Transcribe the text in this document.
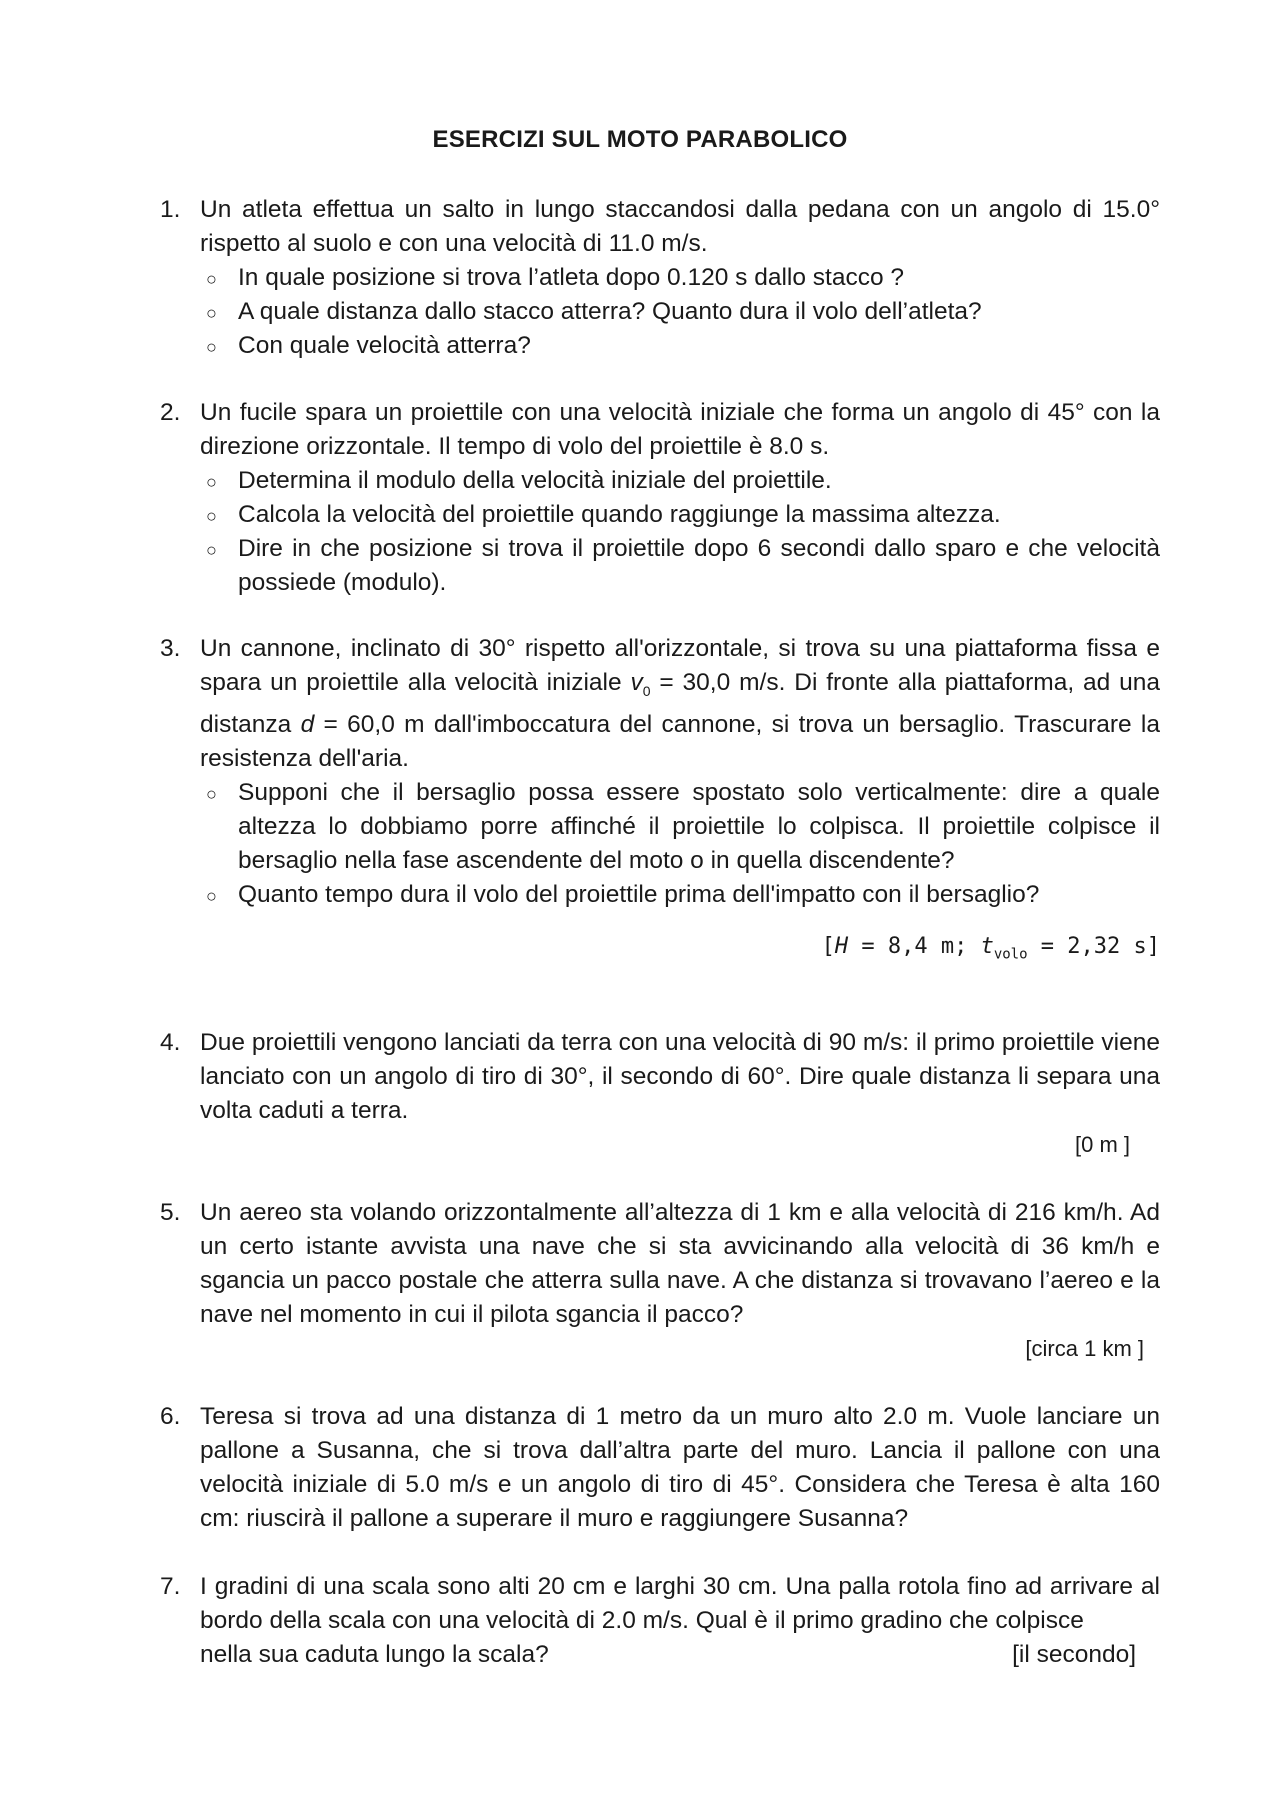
ESERCIZI SUL MOTO PARABOLICO
1. Un atleta effettua un salto in lungo staccandosi dalla pedana con un angolo di 15.0° rispetto al suolo e con una velocità di 11.0 m/s.
○ In quale posizione si trova l’atleta dopo 0.120 s dallo stacco ?
○ A quale distanza dallo stacco atterra? Quanto dura il volo dell’atleta?
○ Con quale velocità atterra?
2. Un fucile spara un proiettile con una velocità iniziale che forma un angolo di 45° con la direzione orizzontale. Il tempo di volo del proiettile è 8.0 s.
○ Determina il modulo della velocità iniziale del proiettile.
○ Calcola la velocità del proiettile quando raggiunge la massima altezza.
○ Dire in che posizione si trova il proiettile dopo 6 secondi dallo sparo e che velocità possiede (modulo).
3. Un cannone, inclinato di 30° rispetto all'orizzontale, si trova su una piattaforma fissa e spara un proiettile alla velocità iniziale $v_0 = 30,0$ m/s. Di fronte alla piattaforma, ad una distanza d = 60,0 m dall'imboccatura del cannone, si trova un bersaglio. Trascurare la resistenza dell'aria.
○ Supponi che il bersaglio possa essere spostato solo verticalmente: dire a quale altezza lo dobbiamo porre affinché il proiettile lo colpisca. Il proiettile colpisce il bersaglio nella fase ascendente del moto o in quella discendente?
○ Quanto tempo dura il volo del proiettile prima dell'impatto con il bersaglio?
[H = 8,4 m; $t_{volo} = 2,32$ s]
4. Due proiettili vengono lanciati da terra con una velocità di 90 m/s: il primo proiettile viene lanciato con un angolo di tiro di 30°, il secondo di 60°. Dire quale distanza li separa una volta caduti a terra.
[0 m ]
5. Un aereo sta volando orizzontalmente all’altezza di 1 km e alla velocità di 216 km/h. Ad un certo istante avvista una nave che si sta avvicinando alla velocità di 36 km/h e sgancia un pacco postale che atterra sulla nave. A che distanza si trovavano l’aereo e la nave nel momento in cui il pilota sgancia il pacco?
[circa 1 km ]
6. Teresa si trova ad una distanza di 1 metro da un muro alto 2.0 m. Vuole lanciare un pallone a Susanna, che si trova dall’altra parte del muro. Lancia il pallone con una velocità iniziale di 5.0 m/s e un angolo di tiro di 45°. Considera che Teresa è alta 160 cm: riuscirà il pallone a superare il muro e raggiungere Susanna?
7. I gradini di una scala sono alti 20 cm e larghi 30 cm. Una palla rotola fino ad arrivare al bordo della scala con una velocità di 2.0 m/s. Qual è il primo gradino che colpisce
nella sua caduta lungo la scala?	[il secondo]
